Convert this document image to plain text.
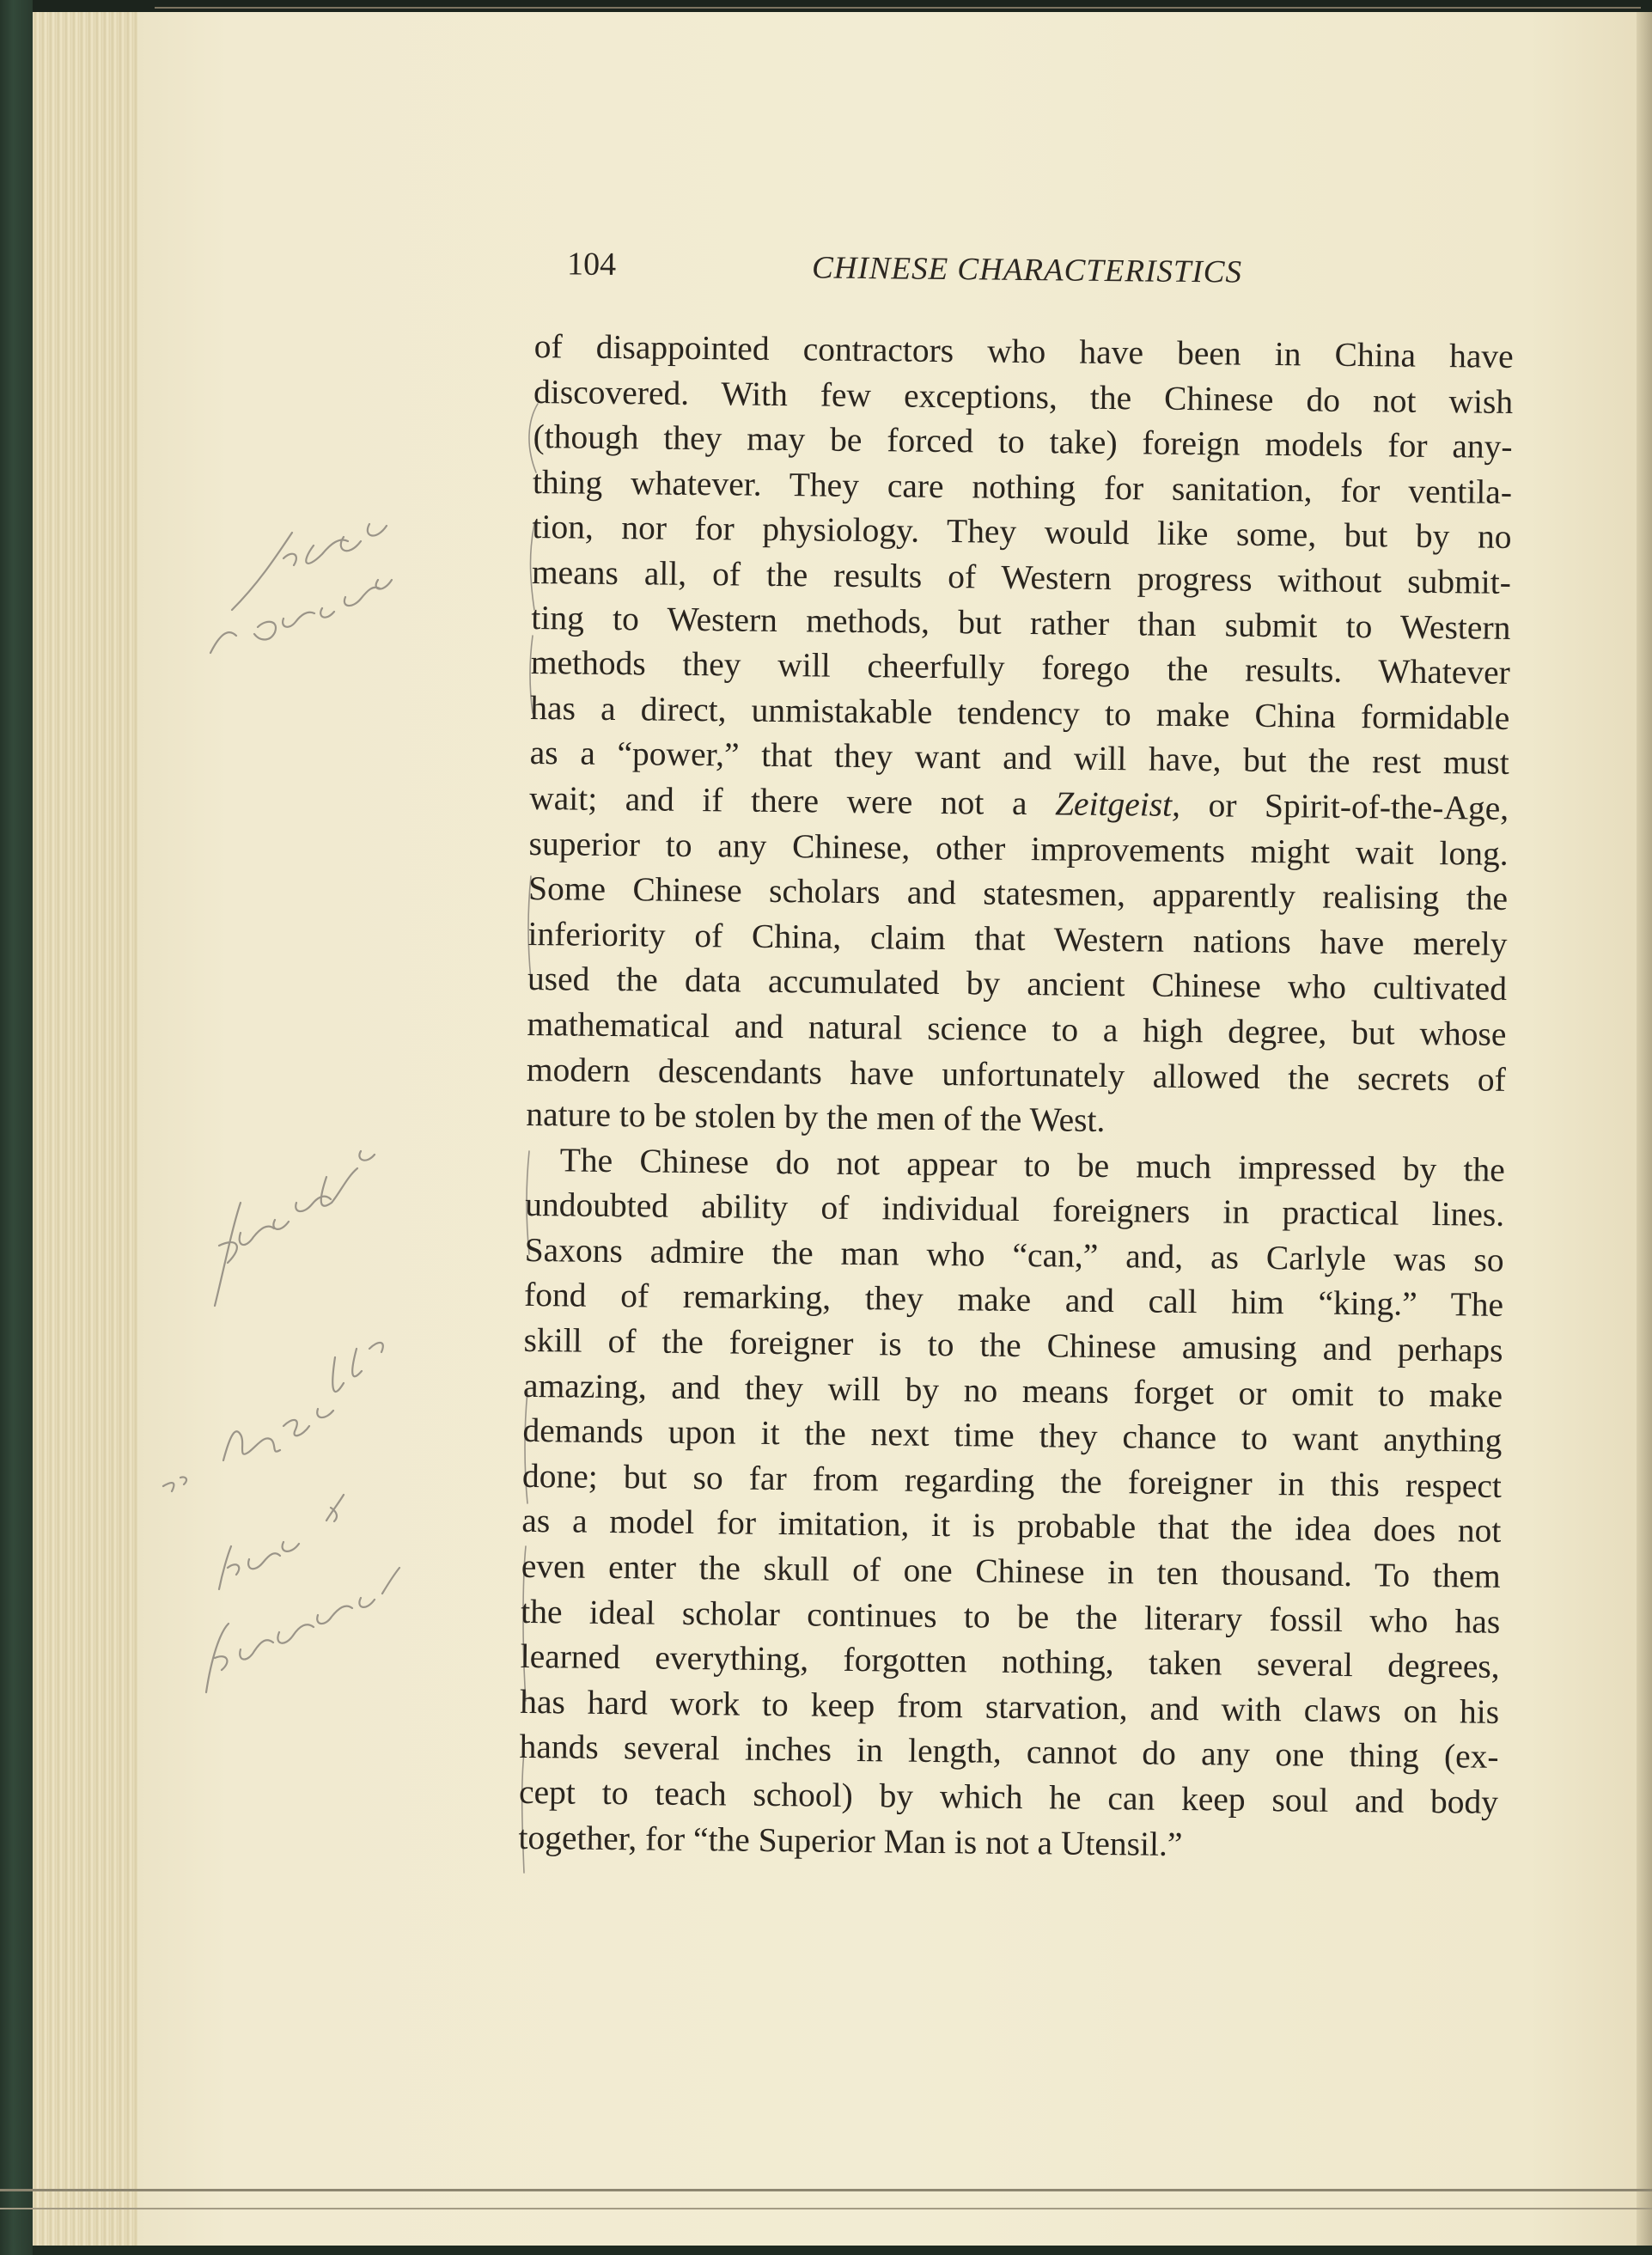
104	CHINESE CHARACTERISTICS
of disappointed contractors who have been in China have
discovered. With few exceptions, the Chinese do not wish
(though they may be forced to take) foreign models for any-
thing whatever. They care nothing for sanitation, for ventila-
tion, nor for physiology. They would like some, but by no
means all, of the results of Western progress without submit-
ting to Western methods, but rather than submit to Western
methods they will cheerfully forego the results. Whatever
has a direct, unmistakable tendency to make China formidable
as a “power,” that they want and will have, but the rest must
wait; and if there were not a Zeitgeist, or Spirit-of-the-Age,
superior to any Chinese, other improvements might wait long.
Some Chinese scholars and statesmen, apparently realising the
inferiority of China, claim that Western nations have merely
used the data accumulated by ancient Chinese who cultivated
mathematical and natural science to a high degree, but whose
modern descendants have unfortunately allowed the secrets of
nature to be stolen by the men of the West.
The Chinese do not appear to be much impressed by the
undoubted ability of individual foreigners in practical lines.
Saxons admire the man who “can,” and, as Carlyle was so
fond of remarking, they make and call him “king.” The
skill of the foreigner is to the Chinese amusing and perhaps
amazing, and they will by no means forget or omit to make
demands upon it the next time they chance to want anything
done; but so far from regarding the foreigner in this respect
as a model for imitation, it is probable that the idea does not
even enter the skull of one Chinese in ten thousand. To them
the ideal scholar continues to be the literary fossil who has
learned everything, forgotten nothing, taken several degrees,
has hard work to keep from starvation, and with claws on his
hands several inches in length, cannot do any one thing (ex-
cept to teach school) by which he can keep soul and body
together, for “the Superior Man is not a Utensil.”
